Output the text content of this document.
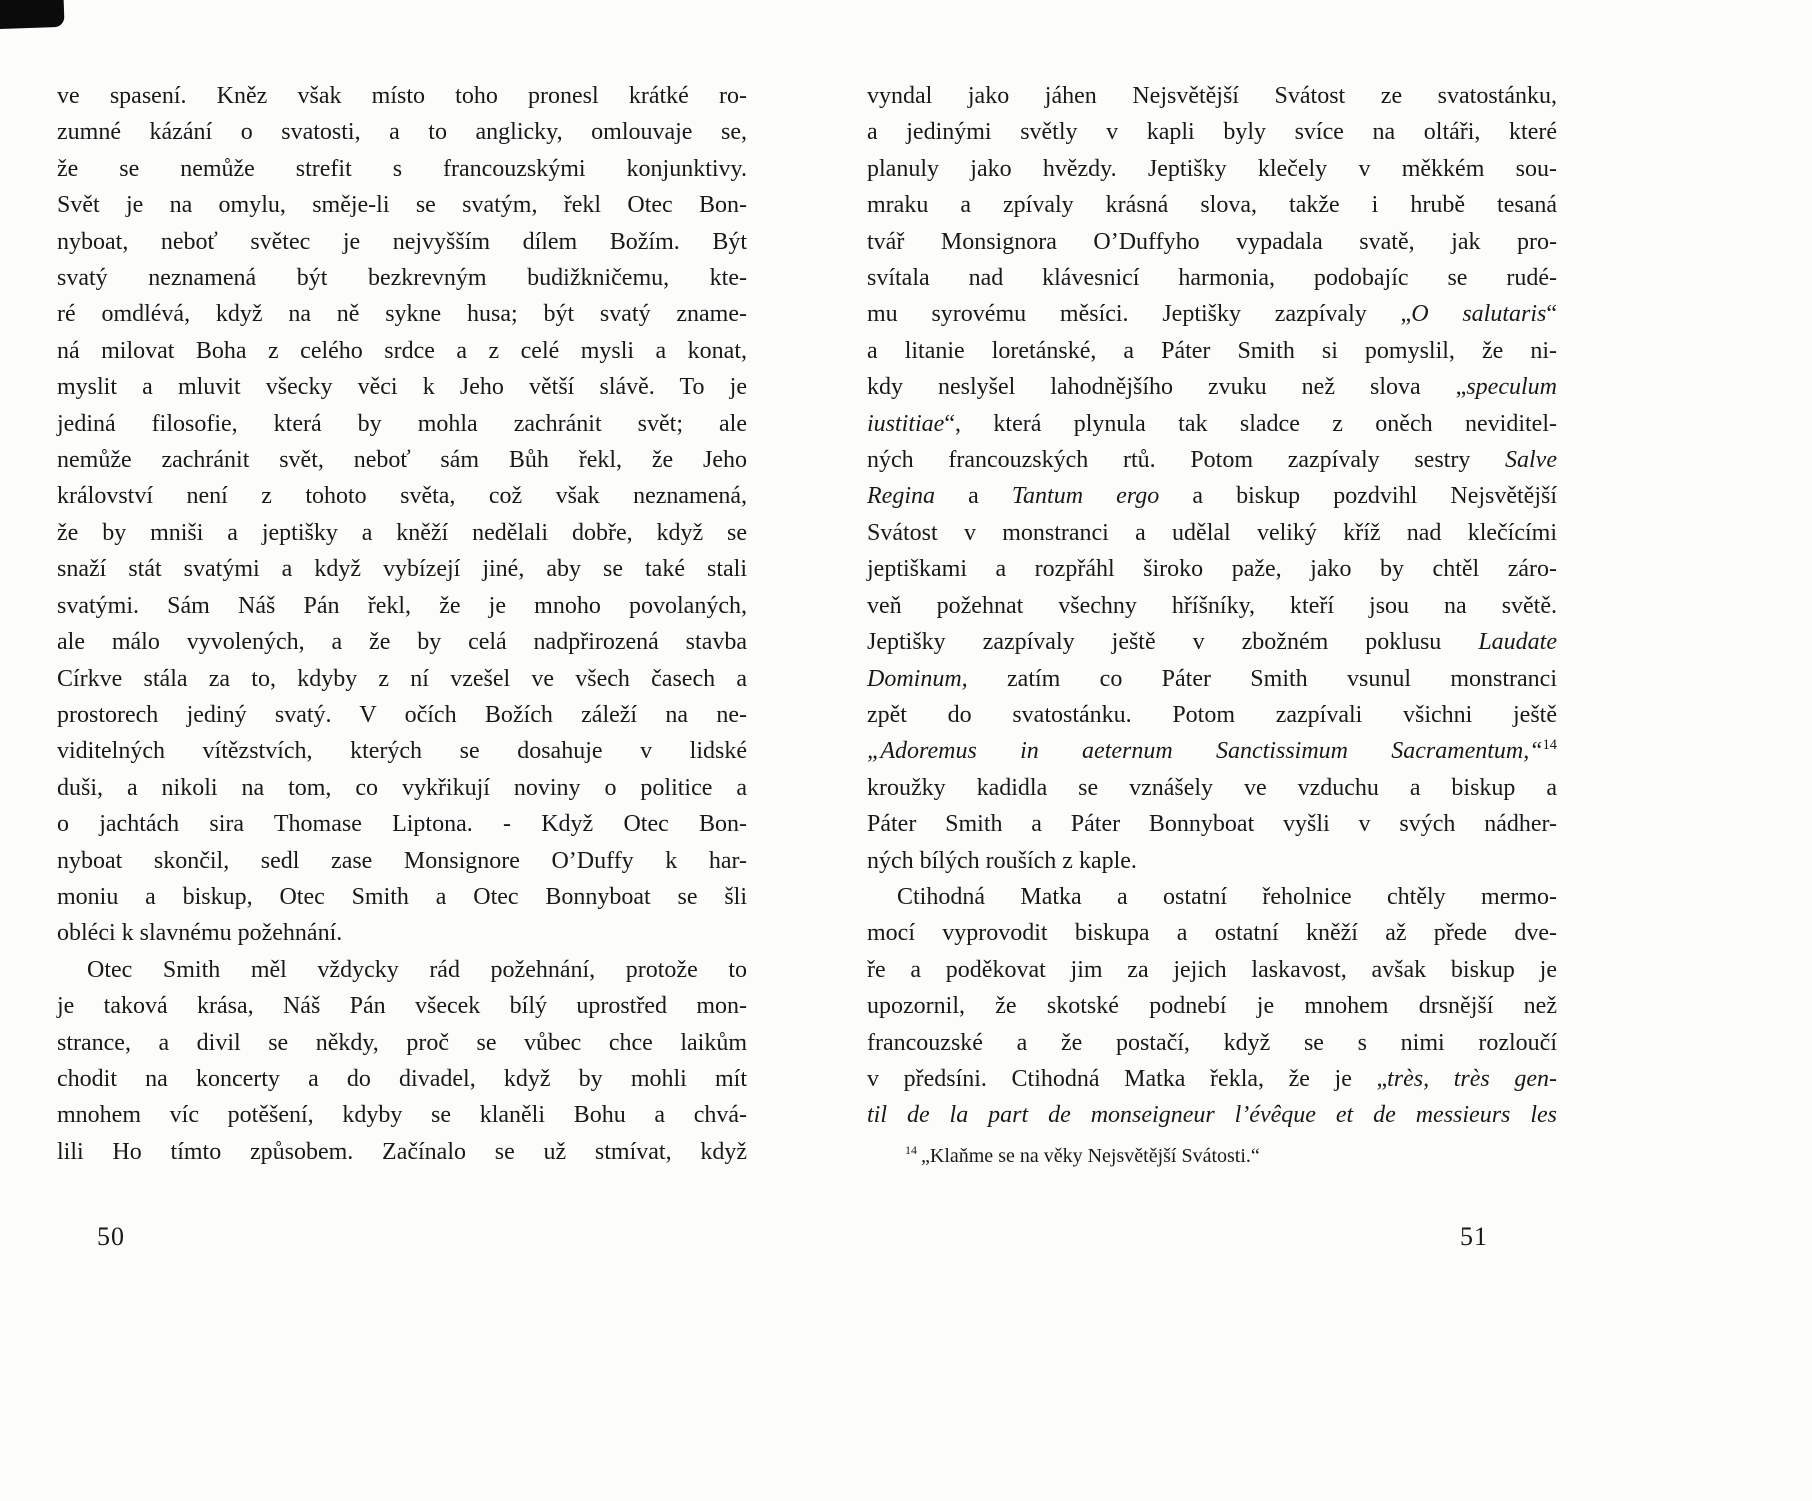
ve spasení. Kněz však místo toho pronesl krátké ro-
zumné kázání o svatosti, a to anglicky, omlouvaje se,
že se nemůže strefit s francouzskými konjunktivy.
Svět je na omylu, směje-li se svatým, řekl Otec Bon-
nyboat, neboť světec je nejvyšším dílem Božím. Být
svatý neznamená být bezkrevným budižkničemu, kte-
ré omdlévá, když na ně sykne husa; být svatý zname-
ná milovat Boha z celého srdce a z celé mysli a konat,
myslit a mluvit všecky věci k Jeho větší slávě. To je
jediná filosofie, která by mohla zachránit svět; ale
nemůže zachránit svět, neboť sám Bůh řekl, že Jeho
království není z tohoto světa, což však neznamená,
že by mniši a jeptišky a kněží nedělali dobře, když se
snaží stát svatými a když vybízejí jiné, aby se také stali
svatými. Sám Náš Pán řekl, že je mnoho povolaných,
ale málo vyvolených, a že by celá nadpřirozená stavba
Církve stála za to, kdyby z ní vzešel ve všech časech a
prostorech jediný svatý. V očích Božích záleží na ne-
viditelných vítězstvích, kterých se dosahuje v lidské
duši, a nikoli na tom, co vykřikují noviny o politice a
o jachtách sira Thomase Liptona. - Když Otec Bon-
nyboat skončil, sedl zase Monsignore O’Duffy k har-
moniu a biskup, Otec Smith a Otec Bonnyboat se šli
obléci k slavnému požehnání.
Otec Smith měl vždycky rád požehnání, protože to
je taková krása, Náš Pán všecek bílý uprostřed mon-
strance, a divil se někdy, proč se vůbec chce laikům
chodit na koncerty a do divadel, když by mohli mít
mnohem víc potěšení, kdyby se klaněli Bohu a chvá-
lili Ho tímto způsobem. Začínalo se už stmívat, když
50
vyndal jako jáhen Nejsvětější Svátost ze svatostánku,
a jedinými světly v kapli byly svíce na oltáři, které
planuly jako hvězdy. Jeptišky klečely v měkkém sou-
mraku a zpívaly krásná slova, takže i hrubě tesaná
tvář Monsignora O’Duffyho vypadala svatě, jak pro-
svítala nad klávesnicí harmonia, podobajíc se rudé-
mu syrovému měsíci. Jeptišky zazpívaly „O salutaris“
a litanie loretánské, a Páter Smith si pomyslil, že ni-
kdy neslyšel lahodnějšího zvuku než slova „speculum
iustitiae“, která plynula tak sladce z oněch neviditel-
ných francouzských rtů. Potom zazpívaly sestry Salve
Regina a Tantum ergo a biskup pozdvihl Nejsvětější
Svátost v monstranci a udělal veliký kříž nad klečícími
jeptiškami a rozpřáhl široko paže, jako by chtěl záro-
veň požehnat všechny hříšníky, kteří jsou na světě.
Jeptišky zazpívaly ještě v zbožném poklusu Laudate
Dominum, zatím co Páter Smith vsunul monstranci
zpět do svatostánku. Potom zazpívali všichni ještě
„Adoremus in aeternum Sanctissimum Sacramentum,“$^{14}$
kroužky kadidla se vznášely ve vzduchu a biskup a
Páter Smith a Páter Bonnyboat vyšli v svých nádher-
ných bílých rouších z kaple.
Ctihodná Matka a ostatní řeholnice chtěly mermo-
mocí vyprovodit biskupa a ostatní kněží až přede dve-
ře a poděkovat jim za jejich laskavost, avšak biskup je
upozornil, že skotské podnebí je mnohem drsnější než
francouzské a že postačí, když se s nimi rozloučí
v předsíni. Ctihodná Matka řekla, že je „très, très gen-
til de la part de monseigneur l’évêque et de messieurs les
$^{14}$ „Klaňme se na věky Nejsvětější Svátosti.“
51
